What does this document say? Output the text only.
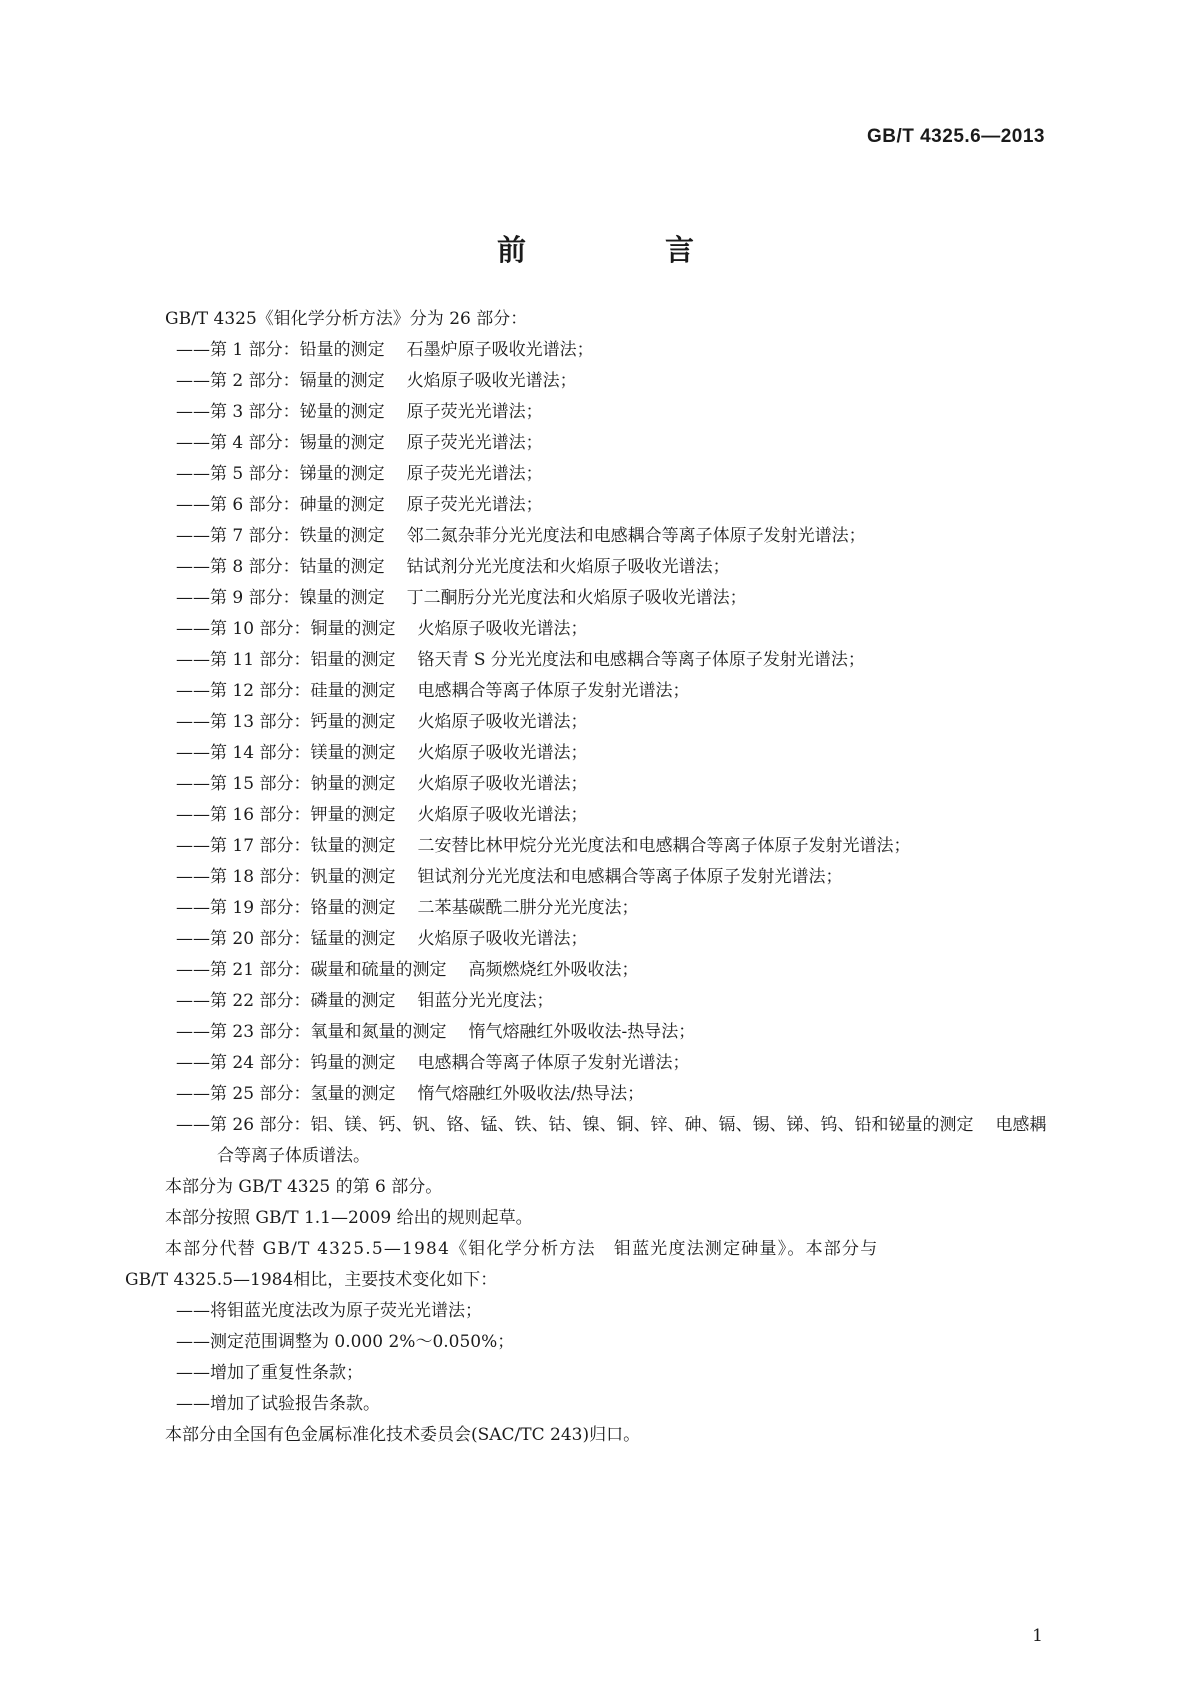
GB/T 4325.6—2013
前　言
GB/T 4325《钼化学分析方法》分为 26 部分：
——第 1 部分：铅量的测定 石墨炉原子吸收光谱法；
——第 2 部分：镉量的测定 火焰原子吸收光谱法；
——第 3 部分：铋量的测定 原子荧光光谱法；
——第 4 部分：锡量的测定 原子荧光光谱法；
——第 5 部分：锑量的测定 原子荧光光谱法；
——第 6 部分：砷量的测定 原子荧光光谱法；
——第 7 部分：铁量的测定 邻二氮杂菲分光光度法和电感耦合等离子体原子发射光谱法；
——第 8 部分：钴量的测定 钴试剂分光光度法和火焰原子吸收光谱法；
——第 9 部分：镍量的测定 丁二酮肟分光光度法和火焰原子吸收光谱法；
——第 10 部分：铜量的测定 火焰原子吸收光谱法；
——第 11 部分：铝量的测定 铬天青 S 分光光度法和电感耦合等离子体原子发射光谱法；
——第 12 部分：硅量的测定 电感耦合等离子体原子发射光谱法；
——第 13 部分：钙量的测定 火焰原子吸收光谱法；
——第 14 部分：镁量的测定 火焰原子吸收光谱法；
——第 15 部分：钠量的测定 火焰原子吸收光谱法；
——第 16 部分：钾量的测定 火焰原子吸收光谱法；
——第 17 部分：钛量的测定 二安替比林甲烷分光光度法和电感耦合等离子体原子发射光谱法；
——第 18 部分：钒量的测定 钽试剂分光光度法和电感耦合等离子体原子发射光谱法；
——第 19 部分：铬量的测定 二苯基碳酰二肼分光光度法；
——第 20 部分：锰量的测定 火焰原子吸收光谱法；
——第 21 部分：碳量和硫量的测定 高频燃烧红外吸收法；
——第 22 部分：磷量的测定 钼蓝分光光度法；
——第 23 部分：氧量和氮量的测定 惰气熔融红外吸收法-热导法；
——第 24 部分：钨量的测定 电感耦合等离子体原子发射光谱法；
——第 25 部分：氢量的测定 惰气熔融红外吸收法/热导法；
——第 26 部分：铝、镁、钙、钒、铬、锰、铁、钴、镍、铜、锌、砷、镉、锡、锑、钨、铅和铋量的测定 电感耦
合等离子体质谱法。
本部分为 GB/T 4325 的第 6 部分。
本部分按照 GB/T 1.1—2009 给出的规则起草。
本部分代替 GB/T 4325.5—1984《钼化学分析方法　钼蓝光度法测定砷量》。本部分与
GB/T 4325.5—1984相比，主要技术变化如下：
——将钼蓝光度法改为原子荧光光谱法；
——测定范围调整为 0.000 2%～0.050%；
——增加了重复性条款；
——增加了试验报告条款。
本部分由全国有色金属标准化技术委员会(SAC/TC 243)归口。
1
